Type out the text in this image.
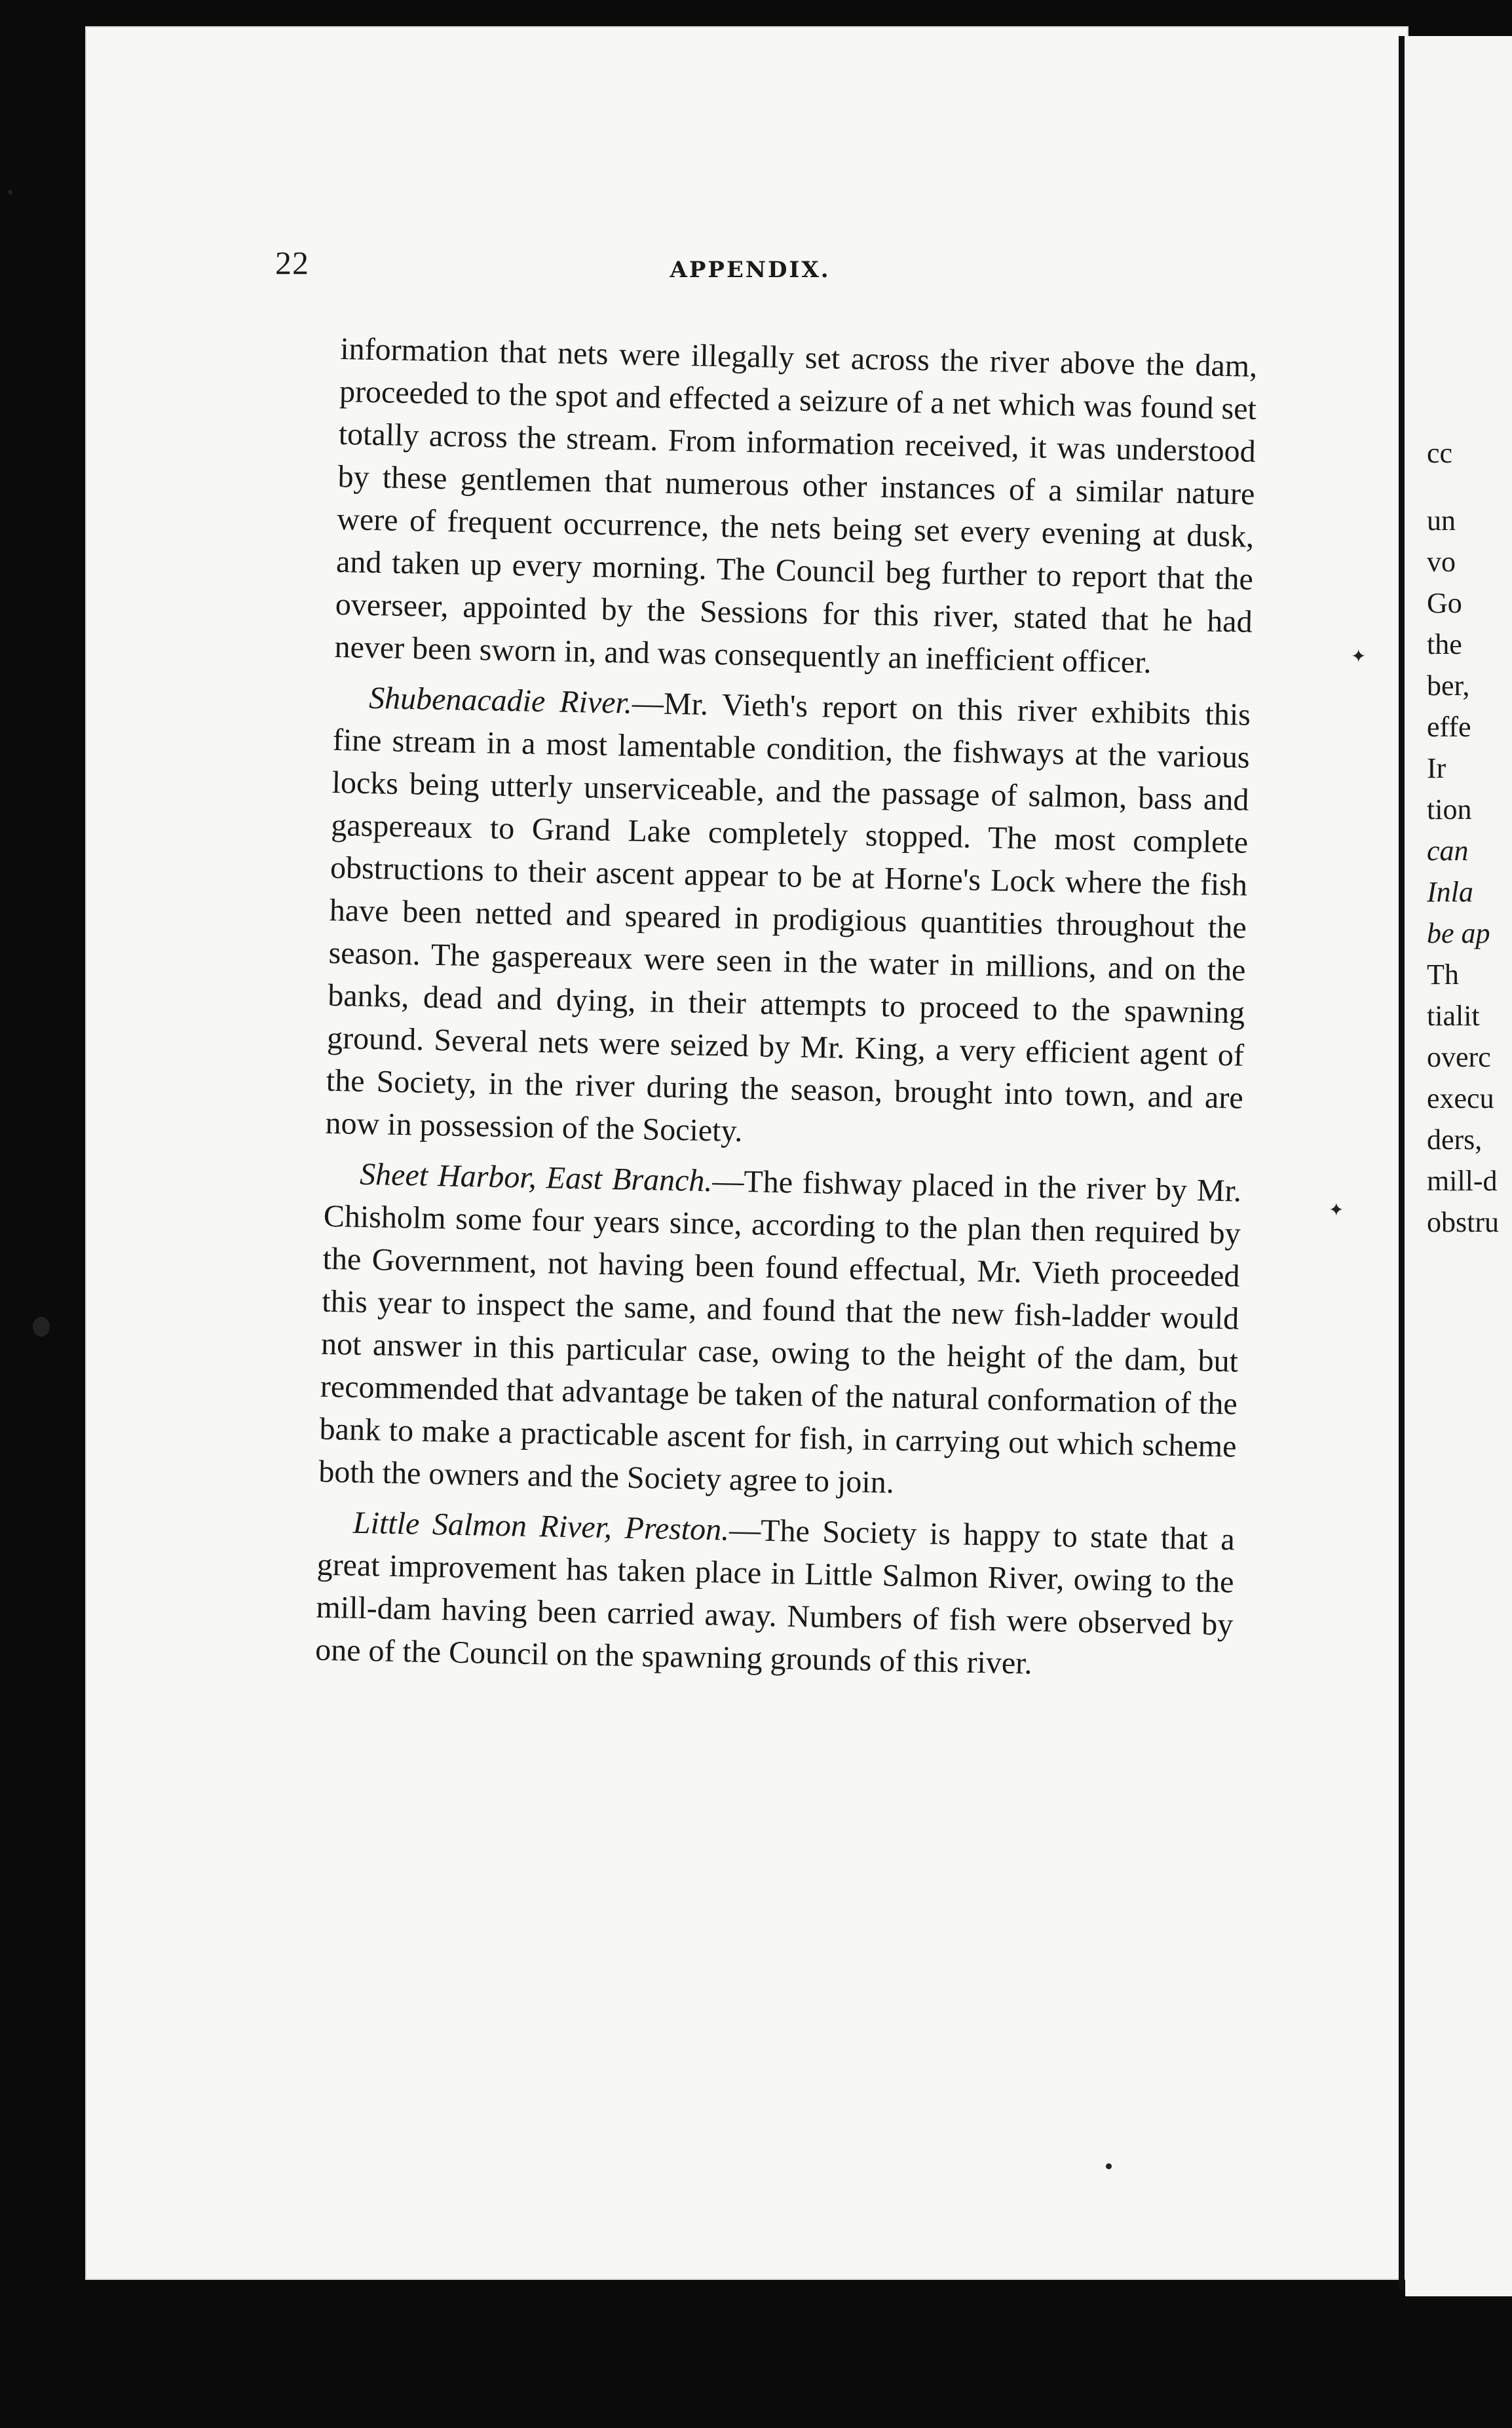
22	APPENDIX.

information that nets were illegally set across the river above the dam, proceeded to the spot and effected a seizure of a net which was found set totally across the stream. From information received, it was understood by these gentlemen that numerous other instances of a similar nature were of frequent occurrence, the nets being set every evening at dusk, and taken up every morning. The Council beg further to report that the overseer, appointed by the Sessions for this river, stated that he had never been sworn in, and was consequently an inefficient officer.

Shubenacadie River.—Mr. Vieth's report on this river exhibits this fine stream in a most lamentable condition, the fishways at the various locks being utterly unserviceable, and the passage of salmon, bass and gaspereaux to Grand Lake completely stopped. The most complete obstructions to their ascent appear to be at Horne's Lock where the fish have been netted and speared in prodigious quantities throughout the season. The gaspereaux were seen in the water in millions, and on the banks, dead and dying, in their attempts to proceed to the spawning ground. Several nets were seized by Mr. King, a very efficient agent of the Society, in the river during the season, brought into town, and are now in possession of the Society.

Sheet Harbor, East Branch.—The fishway placed in the river by Mr. Chisholm some four years since, according to the plan then required by the Government, not having been found effectual, Mr. Vieth proceeded this year to inspect the same, and found that the new fish-ladder would not answer in this particular case, owing to the height of the dam, but recommended that advantage be taken of the natural conformation of the bank to make a practicable ascent for fish, in carrying out which scheme both the owners and the Society agree to join.

Little Salmon River, Preston.—The Society is happy to state that a great improvement has taken place in Little Salmon River, owing to the mill-dam having been carried away. Numbers of fish were observed by one of the Council on the spawning grounds of this river.

cc
un
vo
Go
the
ber,
effe
Ir
tion
can
Inla
be ap
Th
tialit
overc
execu
ders,
mill-d
obstru
✦
✦
